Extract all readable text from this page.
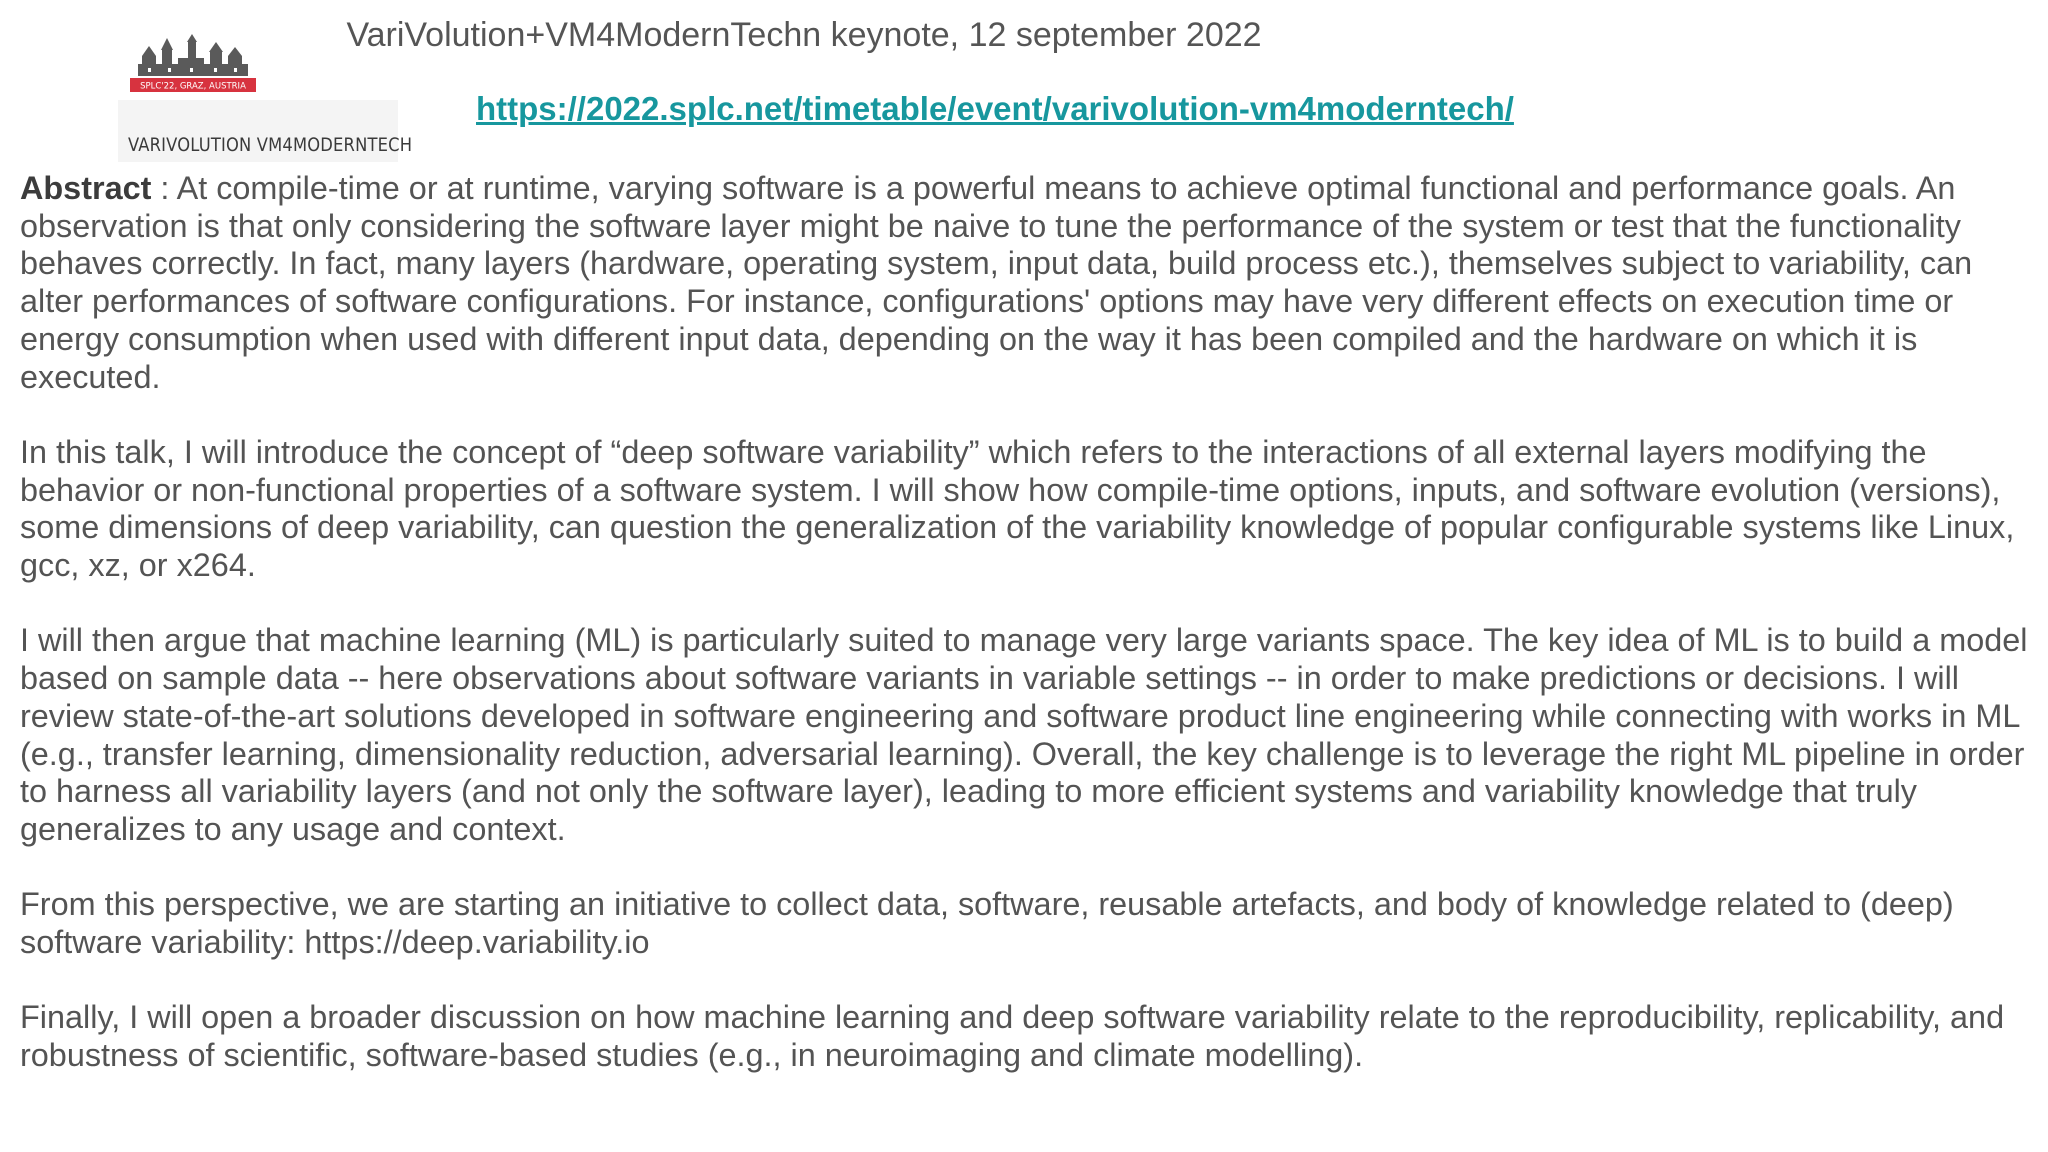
SPLC'22, GRAZ, AUSTRIA
VARIVOLUTION VM4MODERNTECH
VariVolution+VM4ModernTechn keynote, 12 september 2022
https://2022.splc.net/timetable/event/varivolution-vm4moderntech/

Abstract : At compile-time or at runtime, varying software is a powerful means to achieve optimal functional and performance goals. An observation is that only considering the software layer might be naive to tune the performance of the system or test that the functionality behaves correctly. In fact, many layers (hardware, operating system, input data, build process etc.), themselves subject to variability, can alter performances of software configurations. For instance, configurations' options may have very different effects on execution time or energy consumption when used with different input data, depending on the way it has been compiled and the hardware on which it is executed.

In this talk, I will introduce the concept of “deep software variability” which refers to the interactions of all external layers modifying the behavior or non-functional properties of a software system. I will show how compile-time options, inputs, and software evolution (versions), some dimensions of deep variability, can question the generalization of the variability knowledge of popular configurable systems like Linux, gcc, xz, or x264.

I will then argue that machine learning (ML) is particularly suited to manage very large variants space. The key idea of ML is to build a model based on sample data -- here observations about software variants in variable settings -- in order to make predictions or decisions. I will review state-of-the-art solutions developed in software engineering and software product line engineering while connecting with works in ML (e.g., transfer learning, dimensionality reduction, adversarial learning). Overall, the key challenge is to leverage the right ML pipeline in order to harness all variability layers (and not only the software layer), leading to more efficient systems and variability knowledge that truly generalizes to any usage and context.

From this perspective, we are starting an initiative to collect data, software, reusable artefacts, and body of knowledge related to (deep) software variability: https://deep.variability.io

Finally, I will open a broader discussion on how machine learning and deep software variability relate to the reproducibility, replicability, and robustness of scientific, software-based studies (e.g., in neuroimaging and climate modelling).
